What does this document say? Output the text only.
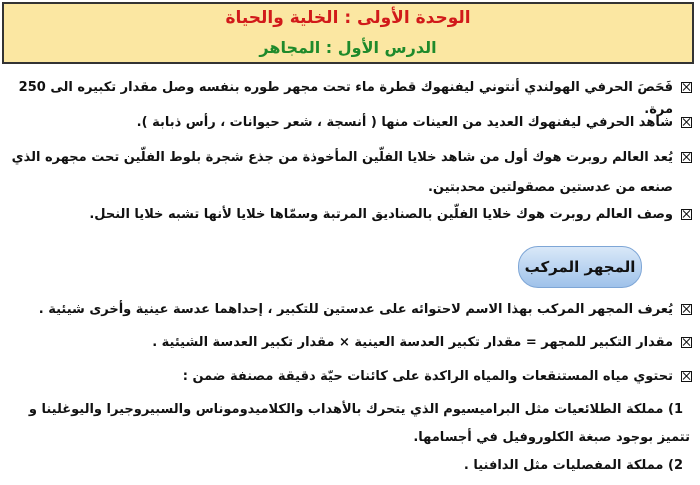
الوحدة الأولى : الخلية والحياة
الدرس الأول : المجاهر
فَحَصَ الحرفي الهولندي أنتوني ليفنهوك قطرة ماء تحت مجهر طوره بنفسه وصل مقدار تكبيره الى 250 مرة.
شاهد الحرفي ليفنهوك العديد من العينات منها ( أنسجة ، شعر حيوانات ، رأس ذبابة ).
يُعد العالم روبرت هوك أول من شاهد خلايا الفلّين المأخوذة من جذع شجرة بلوط الفلّين تحت مجهره الذي صنعه من عدستين مصقولتين محدبتين.
وصف العالم روبرت هوك خلايا الفلّين بالصناديق المرتبة وسمّاها خلايا لأنها تشبه خلايا النحل.
المجهر المركب
يُعرف المجهر المركب بهذا الاسم لاحتوائه على عدستين للتكبير ، إحداهما عدسة عينية وأخرى شيئية .
مقدار التكبير للمجهر = مقدار تكبير العدسة العينية × مقدار تكبير العدسة الشيئية .
تحتوي مياه المستنقعات والمياه الراكدة على كائنات حيّة دقيقة مصنفة ضمن :
1) مملكة الطلائعيات مثل البراميسيوم الذي يتحرك بالأهداب والكلاميدوموناس والسبيروجيرا واليوغلينا و تتميز بوجود صبغة الكلوروفيل في أجسامها.
2) مملكة المفصليات مثل الدافنيا .
